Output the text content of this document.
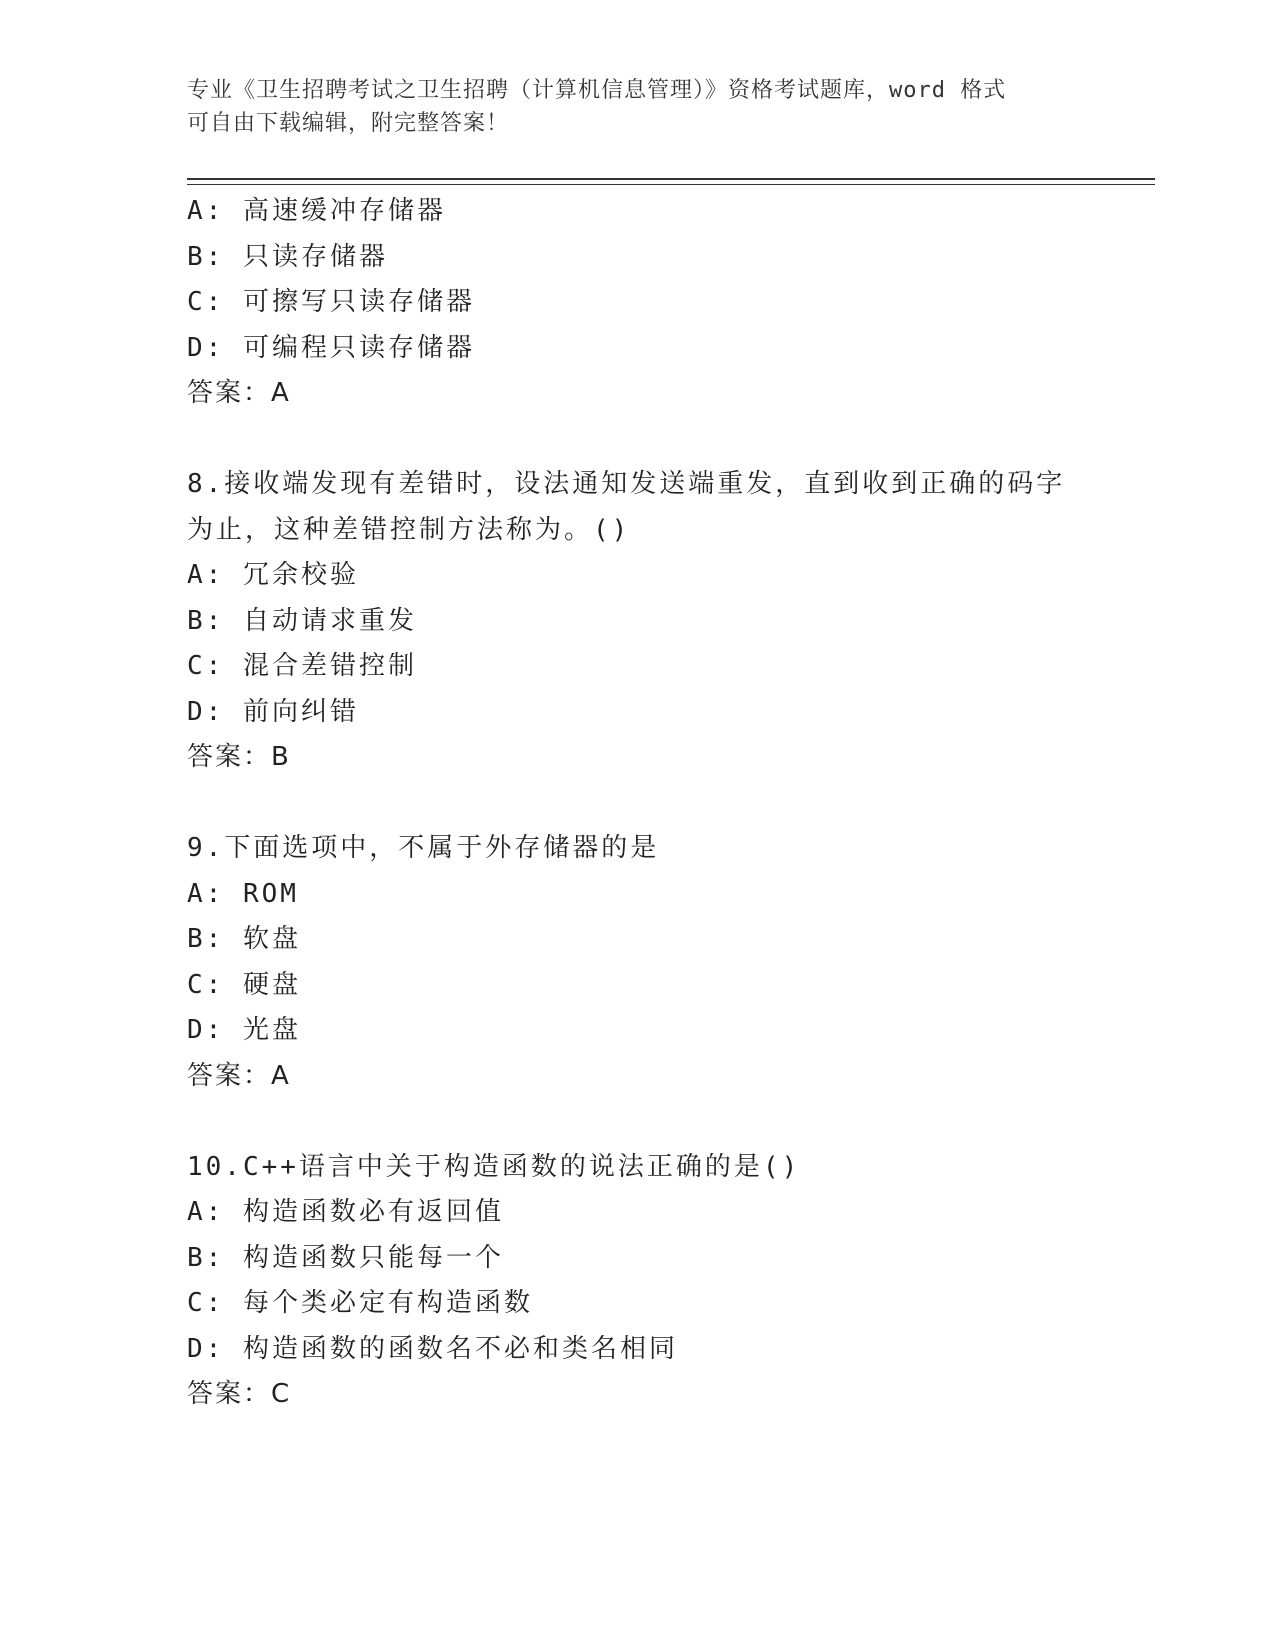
专业《卫生招聘考试之卫生招聘（计算机信息管理）》资格考试题库，word 格式
可自由下载编辑，附完整答案！
A: 高速缓冲存储器
B: 只读存储器
C: 可擦写只读存储器
D: 可编程只读存储器
答案：A
8.接收端发现有差错时，设法通知发送端重发，直到收到正确的码字
为止，这种差错控制方法称为。()
A: 冗余校验
B: 自动请求重发
C: 混合差错控制
D: 前向纠错
答案：B
9.下面选项中，不属于外存储器的是
A: ROM
B: 软盘
C: 硬盘
D: 光盘
答案：A
10.C++语言中关于构造函数的说法正确的是()
A: 构造函数必有返回值
B: 构造函数只能每一个
C: 每个类必定有构造函数
D: 构造函数的函数名不必和类名相同
答案：C
